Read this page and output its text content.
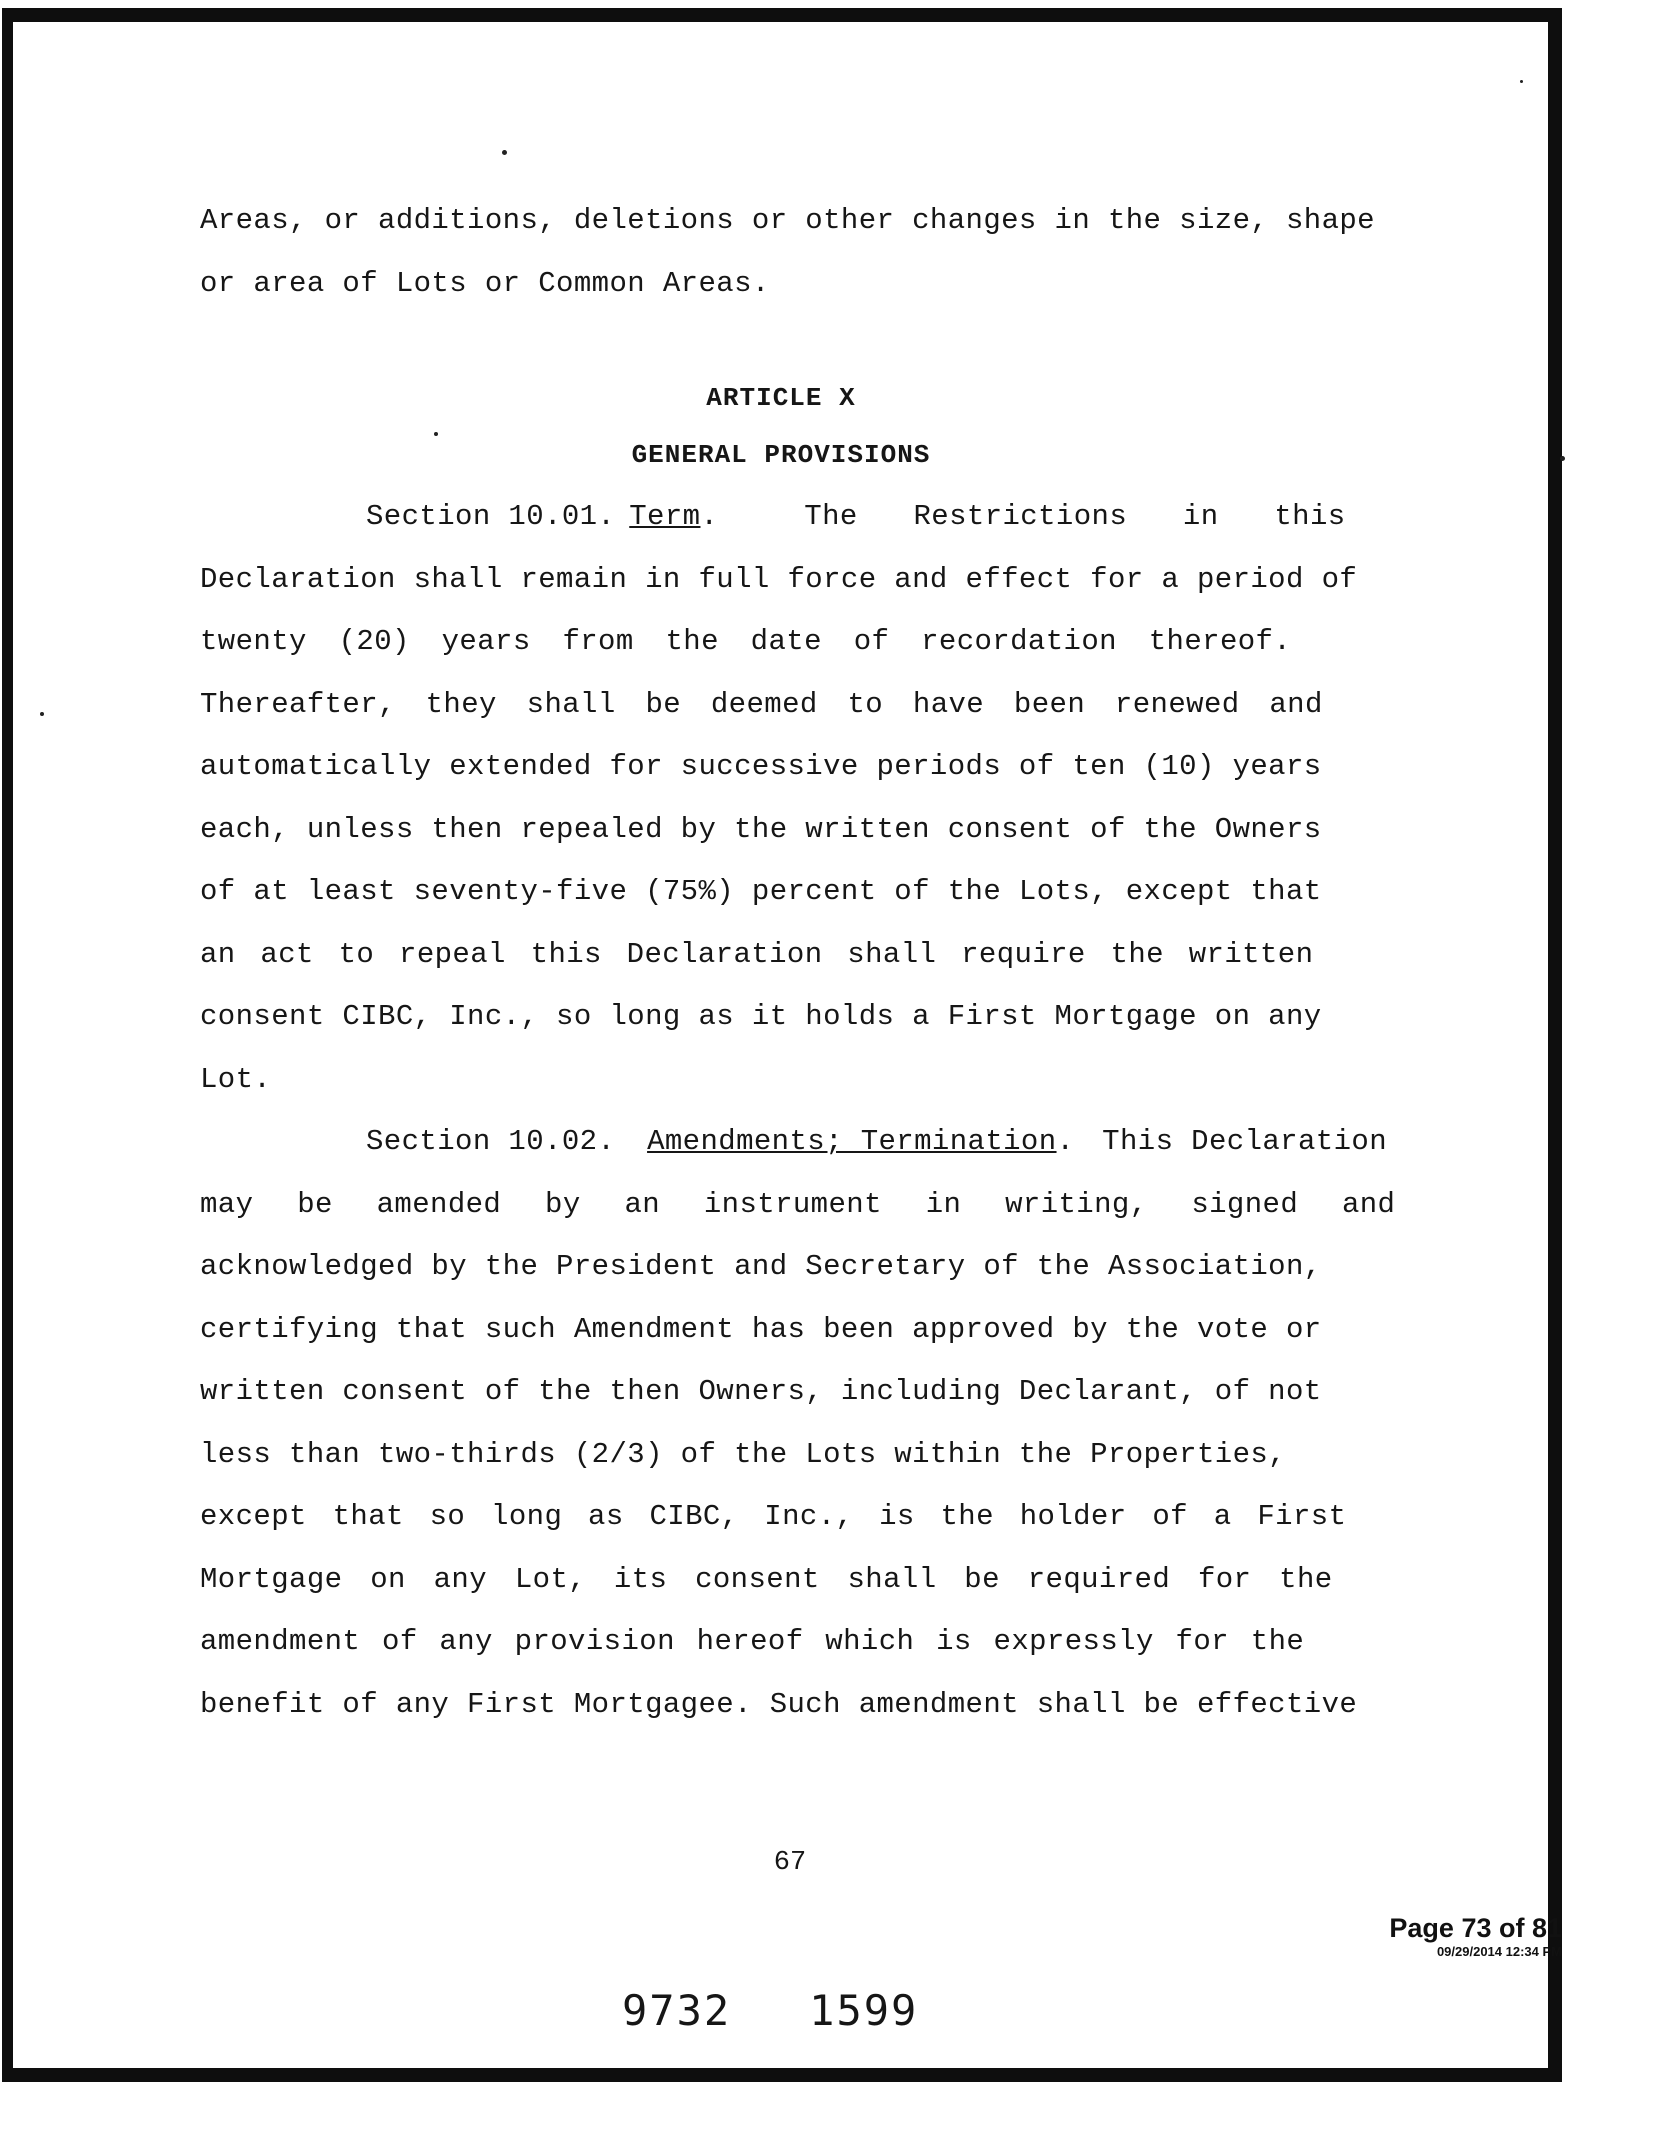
Areas, or additions, deletions or other changes in the size, shape
or area of Lots or Common Areas.
ARTICLE X
GENERAL PROVISIONS
Section 10.01. Term .	The Restrictions in this
Declaration shall remain in full force and effect for a period of
twenty (20) years from the date of recordation thereof.
Thereafter, they shall be deemed to have been renewed and
automatically extended for successive periods of ten (10) years
each, unless then repealed by the written consent of the Owners
of at least seventy-five (75%) percent of the Lots, except that
an act to repeal this Declaration shall require the written
consent CIBC, Inc., so long as it holds a First Mortgage on any
Lot.
Section 10.02. Amendments; Termination. This Declaration
may be amended by an instrument in writing, signed and
acknowledged by the President and Secretary of the Association,
certifying that such Amendment has been approved by the vote or
written consent of the then Owners, including Declarant, of not
less than two-thirds (2/3) of the Lots within the Properties,
except that so long as CIBC, Inc., is the holder of a First
Mortgage on any Lot, its consent shall be required for the
amendment of any provision hereof which is expressly for the
benefit of any First Mortgagee. Such amendment shall be effective
67
Page 73 of 81
09/29/2014 12:34 PM
9732 1599
